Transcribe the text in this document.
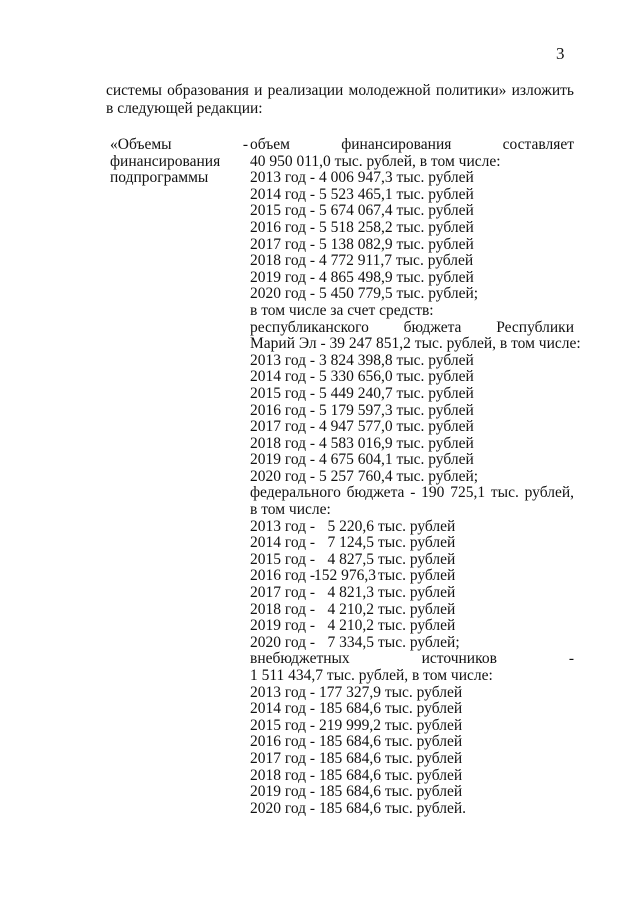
3
системы образования и реализации молодежной политики» изложить
в следующей редакции:
«Объемы	-
финансирования
подпрограммы
объем финансирования составляет
40 950 011,0 тыс. рублей, в том числе:
2013 год - 4 006 947,3 тыс. рублей
2014 год - 5 523 465,1 тыс. рублей
2015 год - 5 674 067,4 тыс. рублей
2016 год - 5 518 258,2 тыс. рублей
2017 год - 5 138 082,9 тыс. рублей
2018 год - 4 772 911,7 тыс. рублей
2019 год - 4 865 498,9 тыс. рублей
2020 год - 5 450 779,5 тыс. рублей;
в том числе за счет средств:
республиканского бюджета Республики
Марий Эл - 39 247 851,2 тыс. рублей, в том числе:
2013 год - 3 824 398,8 тыс. рублей
2014 год - 5 330 656,0 тыс. рублей
2015 год - 5 449 240,7 тыс. рублей
2016 год - 5 179 597,3 тыс. рублей
2017 год - 4 947 577,0 тыс. рублей
2018 год - 4 583 016,9 тыс. рублей
2019 год - 4 675 604,1 тыс. рублей
2020 год - 5 257 760,4 тыс. рублей;
федерального бюджета - 190 725,1 тыс. рублей,
в том числе:
2013 год - 5 220,6 тыс. рублей
2014 год - 7 124,5 тыс. рублей
2015 год - 4 827,5 тыс. рублей
2016 год -152 976,3 тыс. рублей
2017 год - 4 821,3 тыс. рублей
2018 год - 4 210,2 тыс. рублей
2019 год - 4 210,2 тыс. рублей
2020 год - 7 334,5 тыс. рублей;
внебюджетных источников -
1 511 434,7 тыс. рублей, в том числе:
2013 год - 177 327,9 тыс. рублей
2014 год - 185 684,6 тыс. рублей
2015 год - 219 999,2 тыс. рублей
2016 год - 185 684,6 тыс. рублей
2017 год - 185 684,6 тыс. рублей
2018 год - 185 684,6 тыс. рублей
2019 год - 185 684,6 тыс. рублей
2020 год - 185 684,6 тыс. рублей.
